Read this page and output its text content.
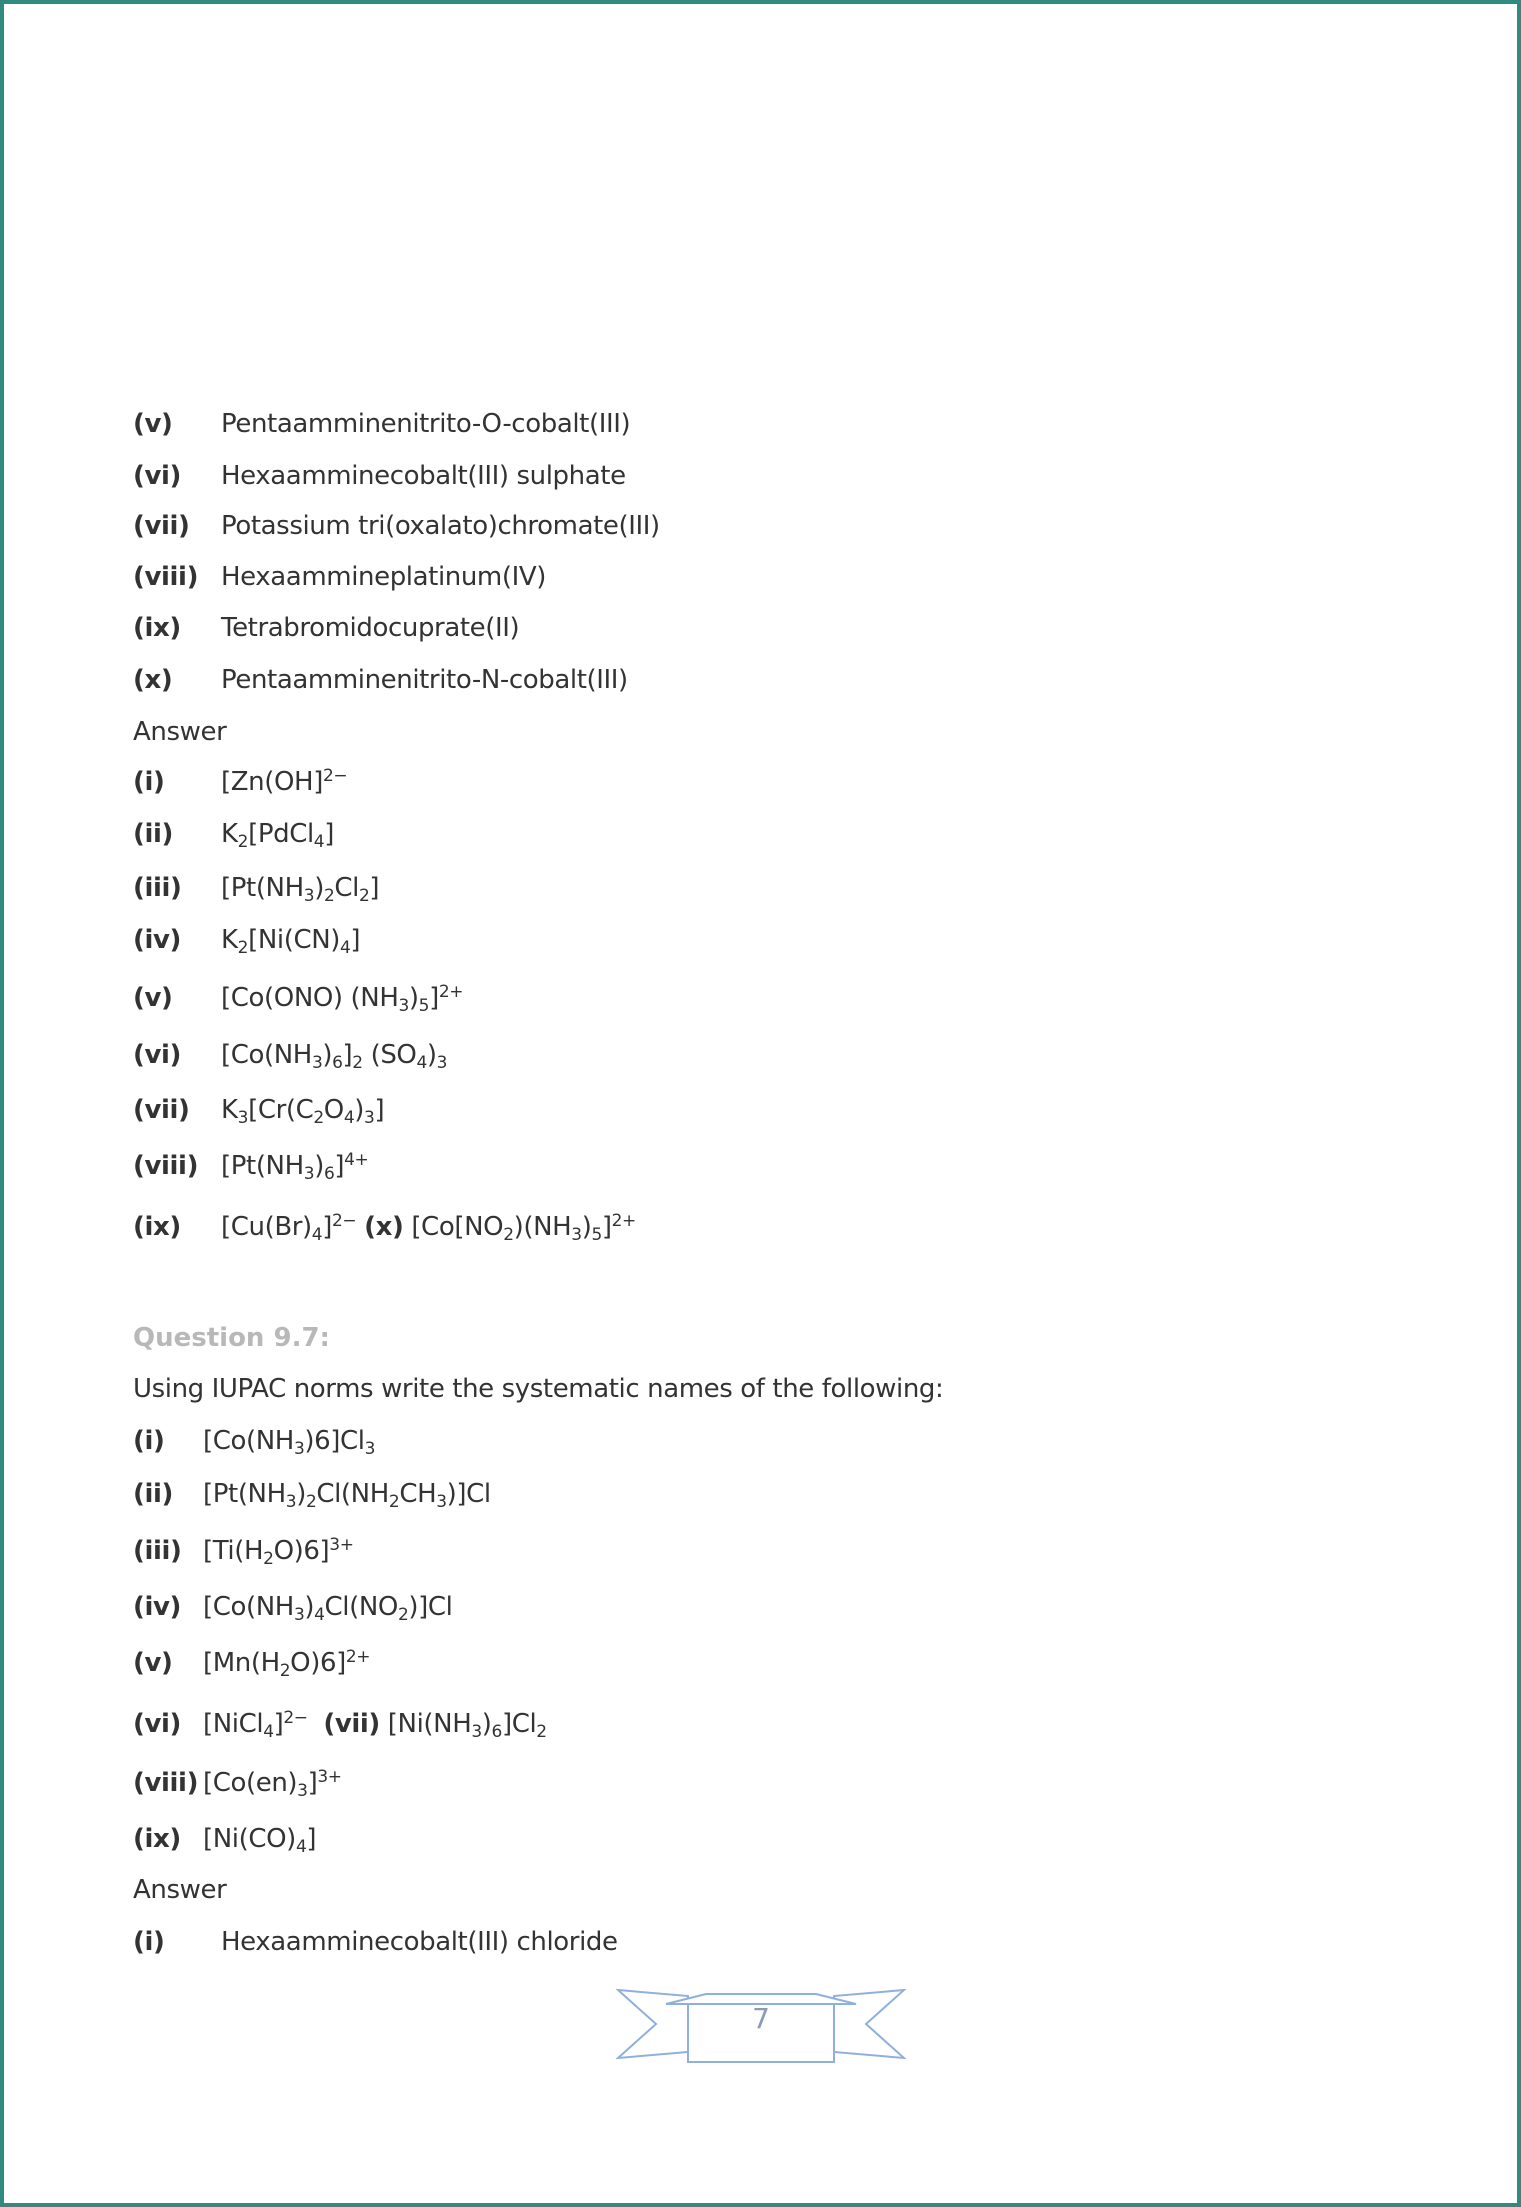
Answer
Question 9.7:
Using IUPAC norms write the systematic names of the following:
Answer
(v) Pentaamminenitrito-O-cobalt(III)
(vi) Hexaamminecobalt(III) sulphate
(vii) Potassium tri(oxalato)chromate(III)
(viii) Hexaammineplatinum(IV)
(ix) Tetrabromidocuprate(II)
(x) Pentaamminenitrito-N-cobalt(III)
(i) [$Zn(OH]^{2-}$
(ii) $K_2[PdCl_4]$
(iii) $[Pt(NH_3)_2Cl_2]$
(iv) $K_2[Ni(CN)_4]$
(v) [Co(ONO) $(NH_3)_5]^{2+}$
(vi) $[Co(NH_3)_6]_2$ $(SO_4)_3$
(vii) $K_3[Cr(C_2O_4)_3]$
(viii) $[Pt(NH_3)_6]^{4+}$
(ix) $[Cu(Br)_4]^{2-}$ (x) $[Co[NO_2)(NH_3)_5]^{2+}$
(i) $[Co(NH_3)6]Cl_3$
(ii) $[Pt(NH_3)_2Cl(NH_2CH_3)]Cl$
(iii) $[Ti(H_2O)6]^{3+}$
(iv) $[Co(NH_3)_4Cl(NO_2)]Cl$
(v) $[Mn(H_2O)6]^{2+}$
(vi) [NiCl$_4$]$^{2-}$ (vii) $[Ni(NH_3)_6]Cl_2$
(viii) $[Co(en)_3]^{3+}$
(ix) $[Ni(CO)_4]$
(i) Hexaamminecobalt(III) chloride
7
